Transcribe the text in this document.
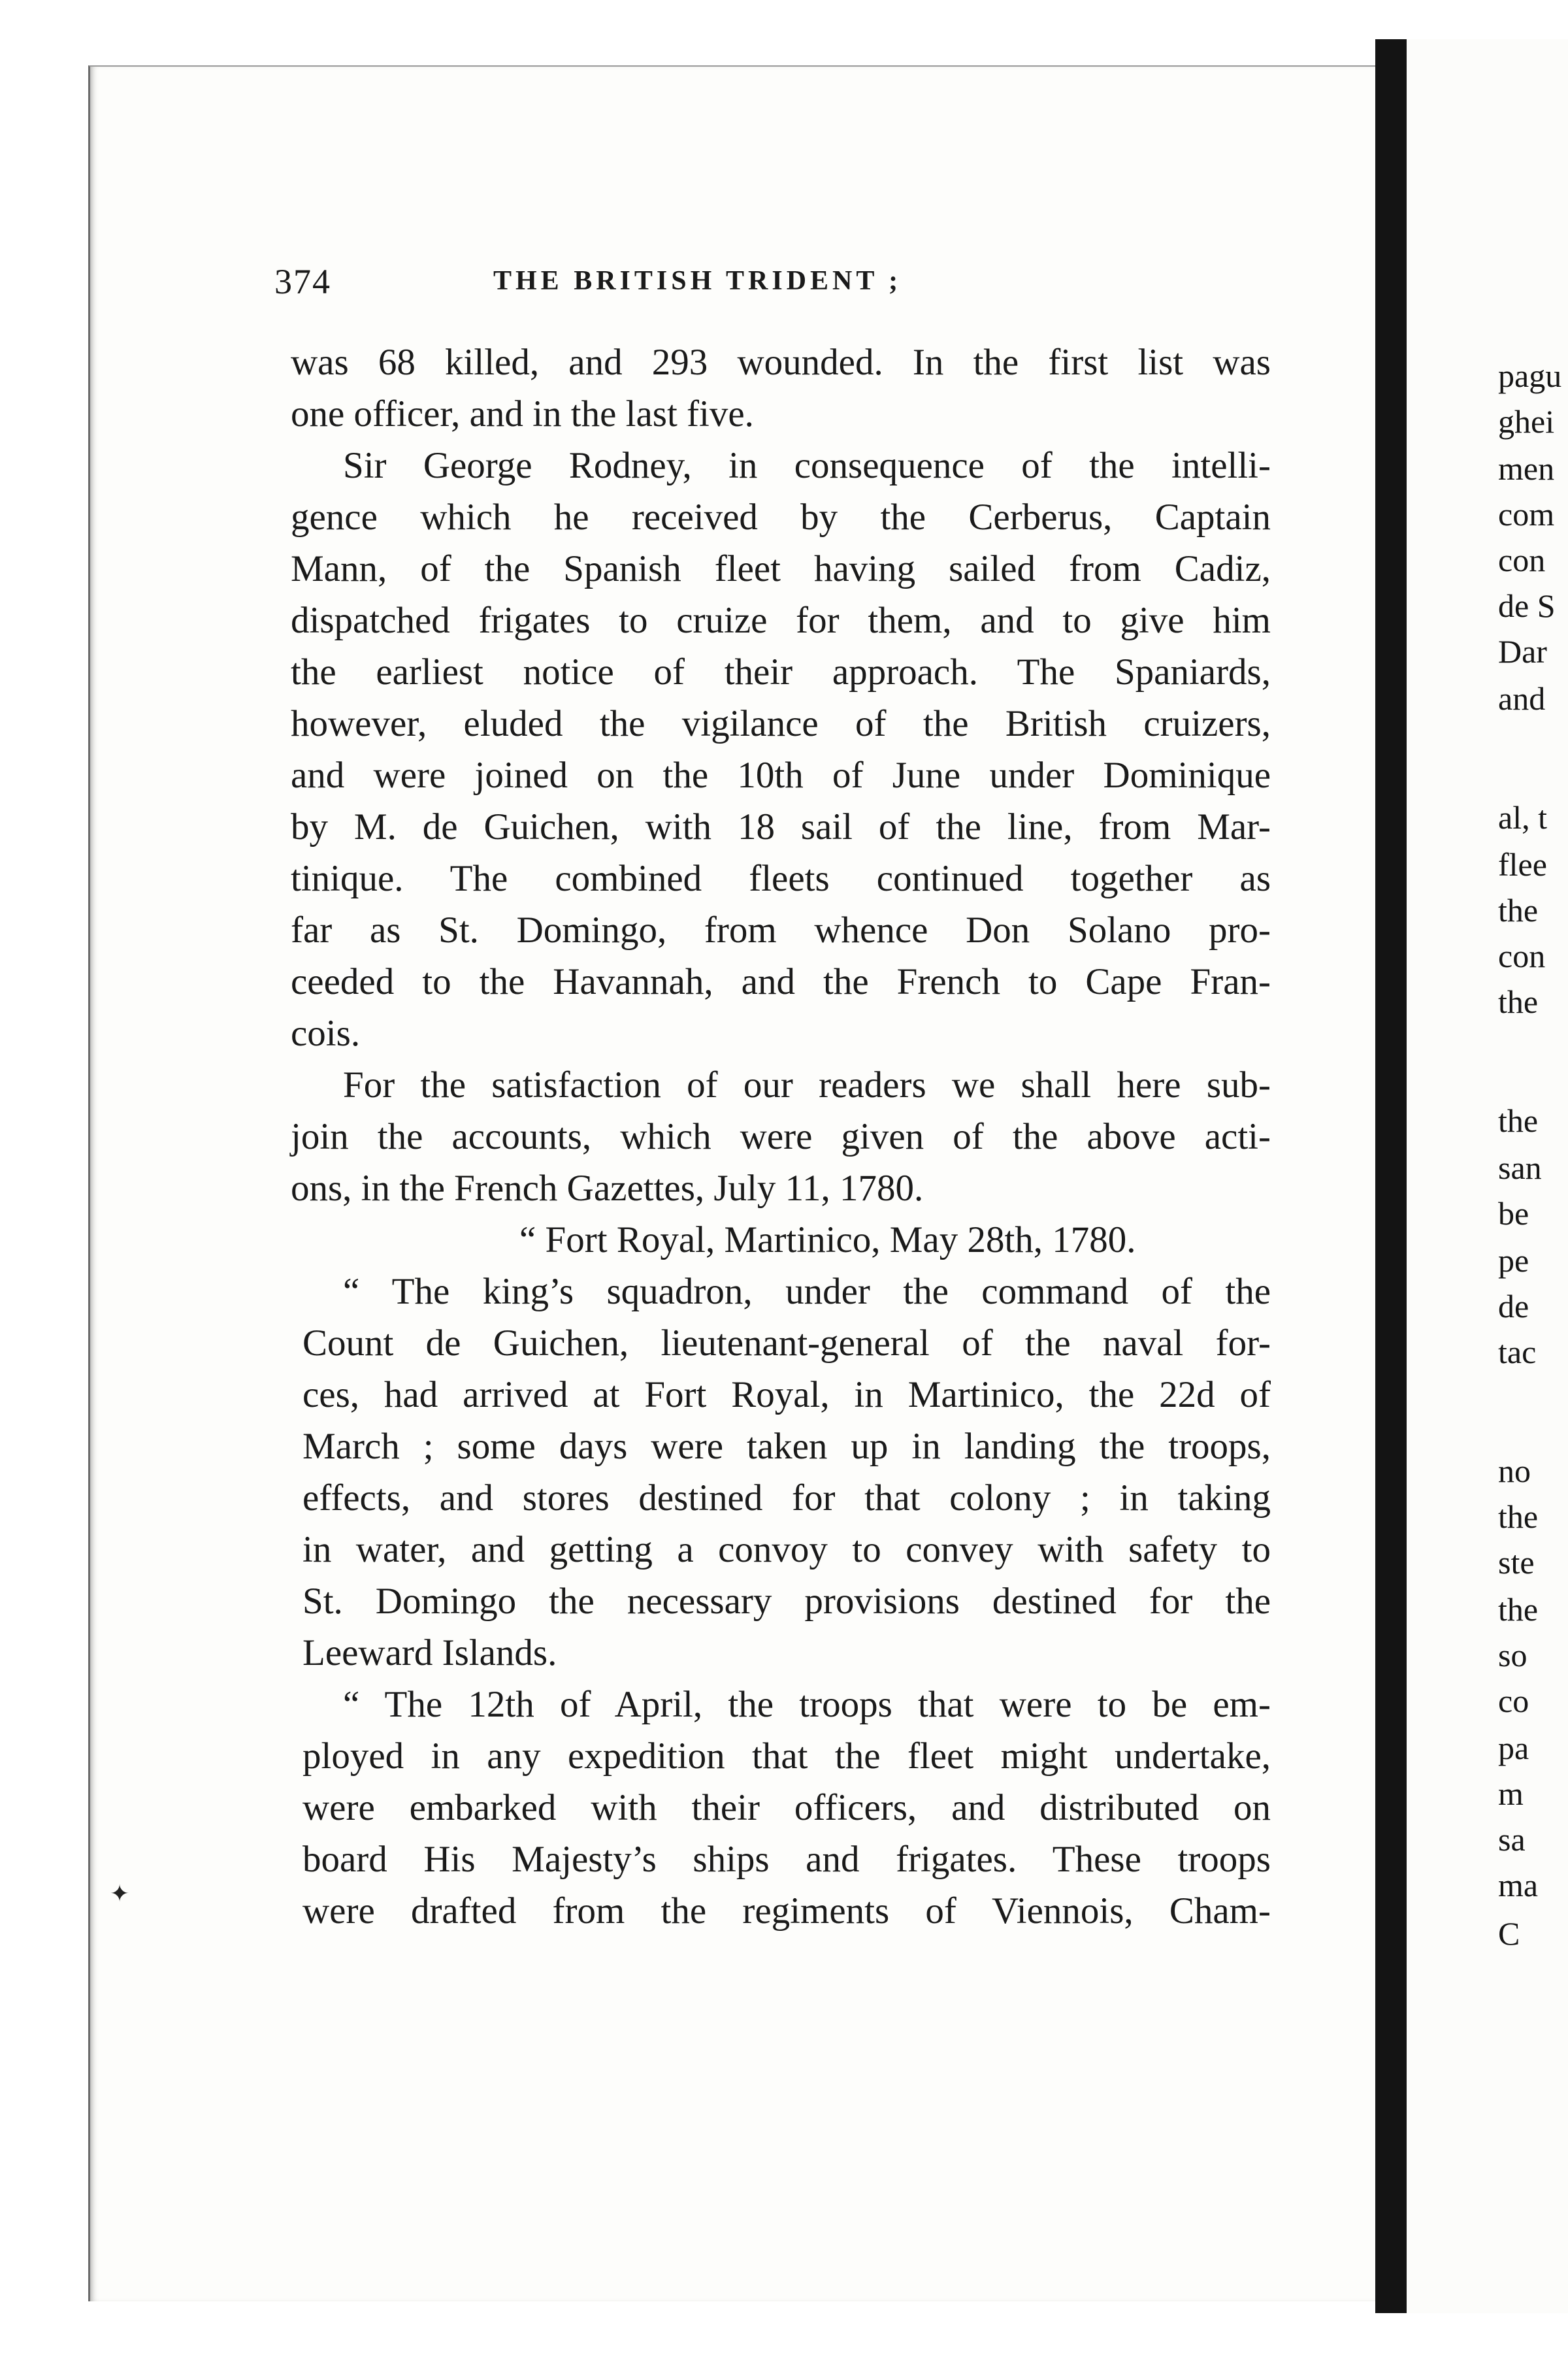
pagu
ghei
men
com
con
de S
Dar
and
al, t
flee
the
con
the
the
san
be
pe
de
tac
no
the
ste
the
so
co
pa
m
sa
ma
C
374	THE BRITISH TRIDENT ;
was 68 killed, and 293 wounded. In the first list was
one officer, and in the last five.
Sir George Rodney, in consequence of the intelli-
gence which he received by the Cerberus, Captain
Mann, of the Spanish fleet having sailed from Cadiz,
dispatched frigates to cruize for them, and to give him
the earliest notice of their approach. The Spaniards,
however, eluded the vigilance of the British cruizers,
and were joined on the 10th of June under Dominique
by M. de Guichen, with 18 sail of the line, from Mar-
tinique. The combined fleets continued together as
far as St. Domingo, from whence Don Solano pro-
ceeded to the Havannah, and the French to Cape Fran-
cois.
For the satisfaction of our readers we shall here sub-
join the accounts, which were given of the above acti-
ons, in the French Gazettes, July 11, 1780.
“ Fort Royal, Martinico, May 28th, 1780.
“ The king’s squadron, under the command of the
Count de Guichen, lieutenant-general of the naval for-
ces, had arrived at Fort Royal, in Martinico, the 22d of
March ; some days were taken up in landing the troops,
effects, and stores destined for that colony ; in taking
in water, and getting a convoy to convey with safety to
St. Domingo the necessary provisions destined for the
Leeward Islands.
“ The 12th of April, the troops that were to be em-
ployed in any expedition that the fleet might undertake,
were embarked with their officers, and distributed on
board His Majesty’s ships and frigates. These troops
were drafted from the regiments of Viennois, Cham-
✦
